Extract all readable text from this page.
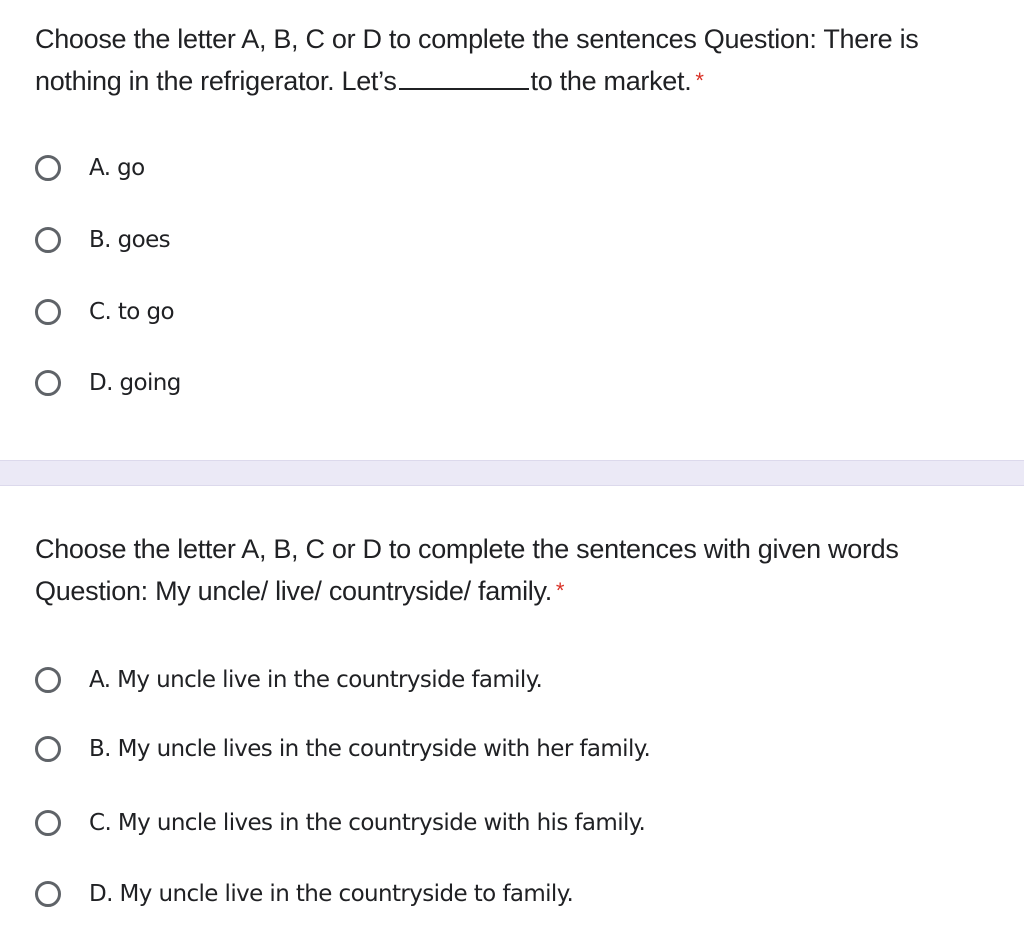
Choose the letter A, B, C or D to complete the sentences Question: There is nothing in the refrigerator. Let’s	to the market. *
A. go
B. goes
C. to go
D. going
Choose the letter A, B, C or D to complete the sentences with given words Question: My uncle/ live/ countryside/ family. *
A. My uncle live in the countryside family.
B. My uncle lives in the countryside with her family.
C. My uncle lives in the countryside with his family.
D. My uncle live in the countryside to family.
